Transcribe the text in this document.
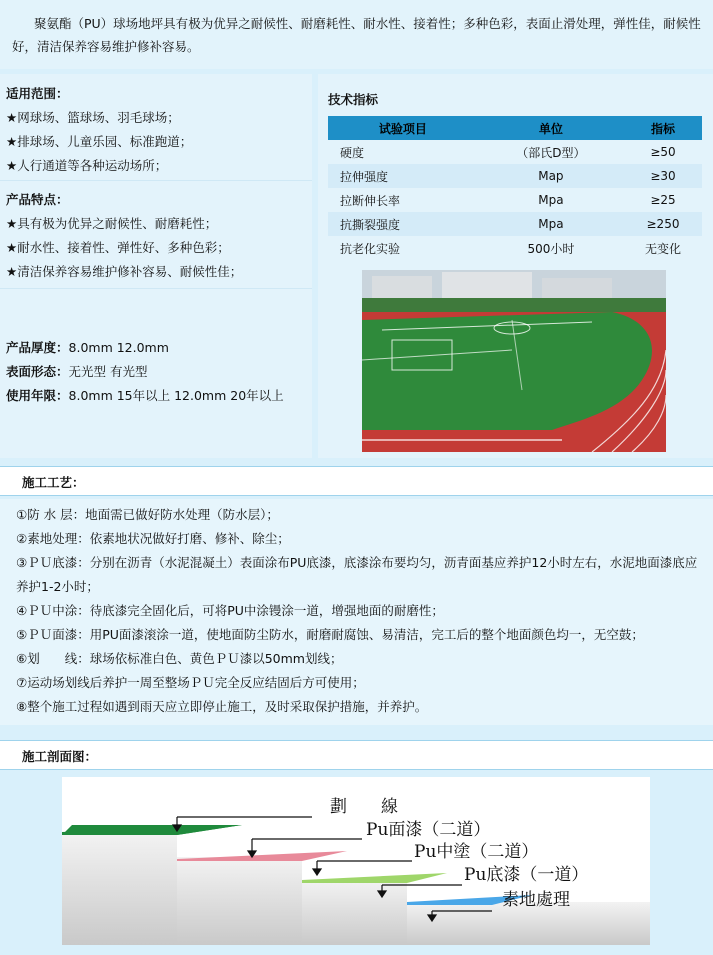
聚氨酯（PU）球场地坪具有极为优异之耐候性、耐磨耗性、耐水性、接着性；多种色彩，表面止滑处理，弹性佳，耐候性好，清洁保养容易维护修补容易。

适用范围：
★网球场、篮球场、羽毛球场；
★排球场、儿童乐园、标准跑道；
★人行通道等各种运动场所；
产品特点：
★具有极为优异之耐候性、耐磨耗性；
★耐水性、接着性、弹性好、多种色彩；
★清洁保养容易维护修补容易、耐候性佳；
产品厚度：8.0mm 12.0mm
表面形态：无光型 有光型
使用年限：8.0mm 15年以上 12.0mm 20年以上
技术指标
试验项目	单位	指标
硬度	（部氏D型）	≥50
拉伸强度	Map	≥30
拉断伸长率	Mpa	≥25
抗撕裂强度	Mpa	≥250
抗老化实验	500小时	无变化
施工工艺：
①防 水 层：地面需已做好防水处理（防水层）；
②素地处理：依素地状况做好打磨、修补、除尘；
③ＰＵ底漆：分别在沥青（水泥混凝土）表面涂布PU底漆，底漆涂布要均匀，沥青面基应养护12小时左右，水泥地面漆底应养护1-2小时；
④ＰＵ中涂：待底漆完全固化后，可将PU中涂镘涂一道，增强地面的耐磨性；
⑤ＰＵ面漆：用PU面漆滚涂一道，使地面防尘防水，耐磨耐腐蚀、易清洁，完工后的整个地面颜色均一，无空鼓；
⑥划　　线：球场依标准白色、黄色ＰＵ漆以50mm划线；
⑦运动场划线后养护一周至整场ＰＵ完全反应结固后方可使用；
⑧整个施工过程如遇到雨天应立即停止施工，及时采取保护措施，并养护。
施工剖面图：
劃　　線
Pu面漆（二道）
Pu中塗（二道）
Pu底漆（一道）
素地處理
